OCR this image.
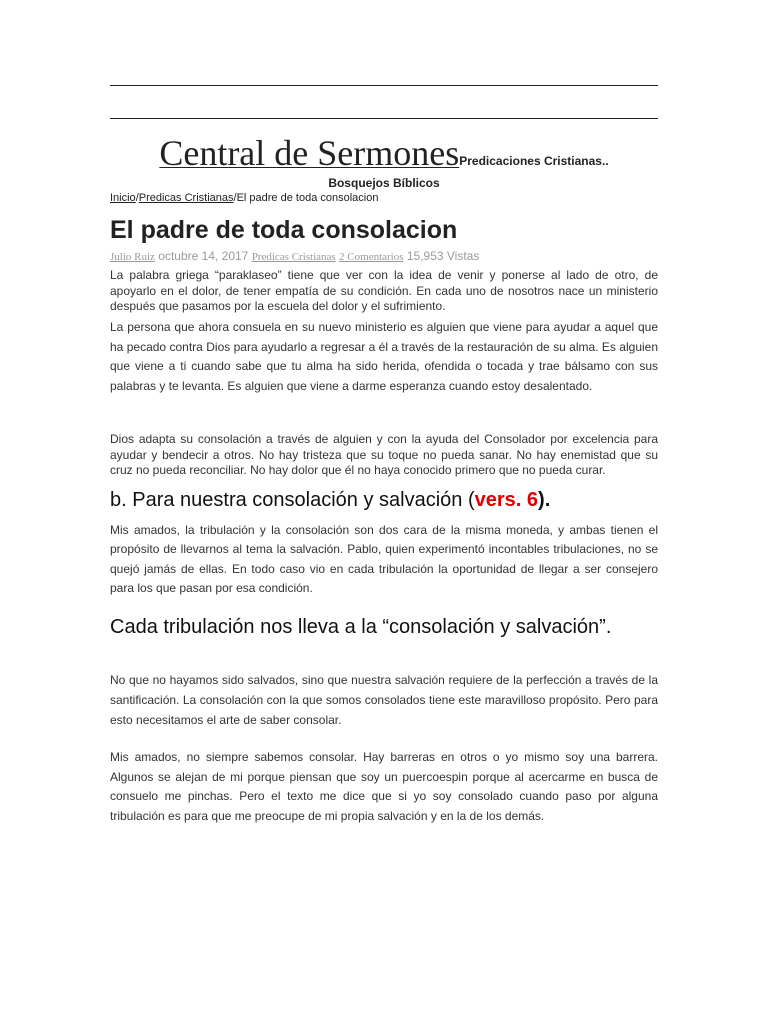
Central de SermonesPredicaciones Cristianas..
Bosquejos Bíblicos
Inicio/Predicas Cristianas/El padre de toda consolacion
El padre de toda consolacion
Julio Ruiz octubre 14, 2017 Predicas Cristianas 2 Comentarios 15,953 Vistas

La palabra griega “paraklaseo” tiene que ver con la idea de venir y ponerse al lado de otro, de apoyarlo en el dolor, de tener empatía de su condición. En cada uno de nosotros nace un ministerio después que pasamos por la escuela del dolor y el sufrimiento.

La persona que ahora consuela en su nuevo ministerio es alguien que viene para ayudar a aquel que ha pecado contra Dios para ayudarlo a regresar a él a través de la restauración de su alma. Es alguien que viene a ti cuando sabe que tu alma ha sido herida, ofendida o tocada y trae bálsamo con sus palabras y te levanta. Es alguien que viene a darme esperanza cuando estoy desalentado.

Dios adapta su consolación a través de alguien y con la ayuda del Consolador por excelencia para ayudar y bendecir a otros. No hay tristeza que su toque no pueda sanar. No hay enemistad que su cruz no pueda reconciliar. No hay dolor que él no haya conocido primero que no pueda curar.

b. Para nuestra consolación y salvación (vers. 6).

Mis amados, la tribulación y la consolación son dos cara de la misma moneda, y ambas tienen el propósito de llevarnos al tema la salvación. Pablo, quien experimentó incontables tribulaciones, no se quejó jamás de ellas. En todo caso vio en cada tribulación la oportunidad de llegar a ser consejero para los que pasan por esa condición.

Cada tribulación nos lleva a la “consolación y salvación”.

No que no hayamos sido salvados, sino que nuestra salvación requiere de la perfección a través de la santificación. La consolación con la que somos consolados tiene este maravilloso propósito. Pero para esto necesitamos el arte de saber consolar.

Mis amados, no siempre sabemos consolar. Hay barreras en otros o yo mismo soy una barrera. Algunos se alejan de mi porque piensan que soy un puercoespin porque al acercarme en busca de consuelo me pinchas. Pero el texto me dice que si yo soy consolado cuando paso por alguna tribulación es para que me preocupe de mi propia salvación y en la de los demás.
